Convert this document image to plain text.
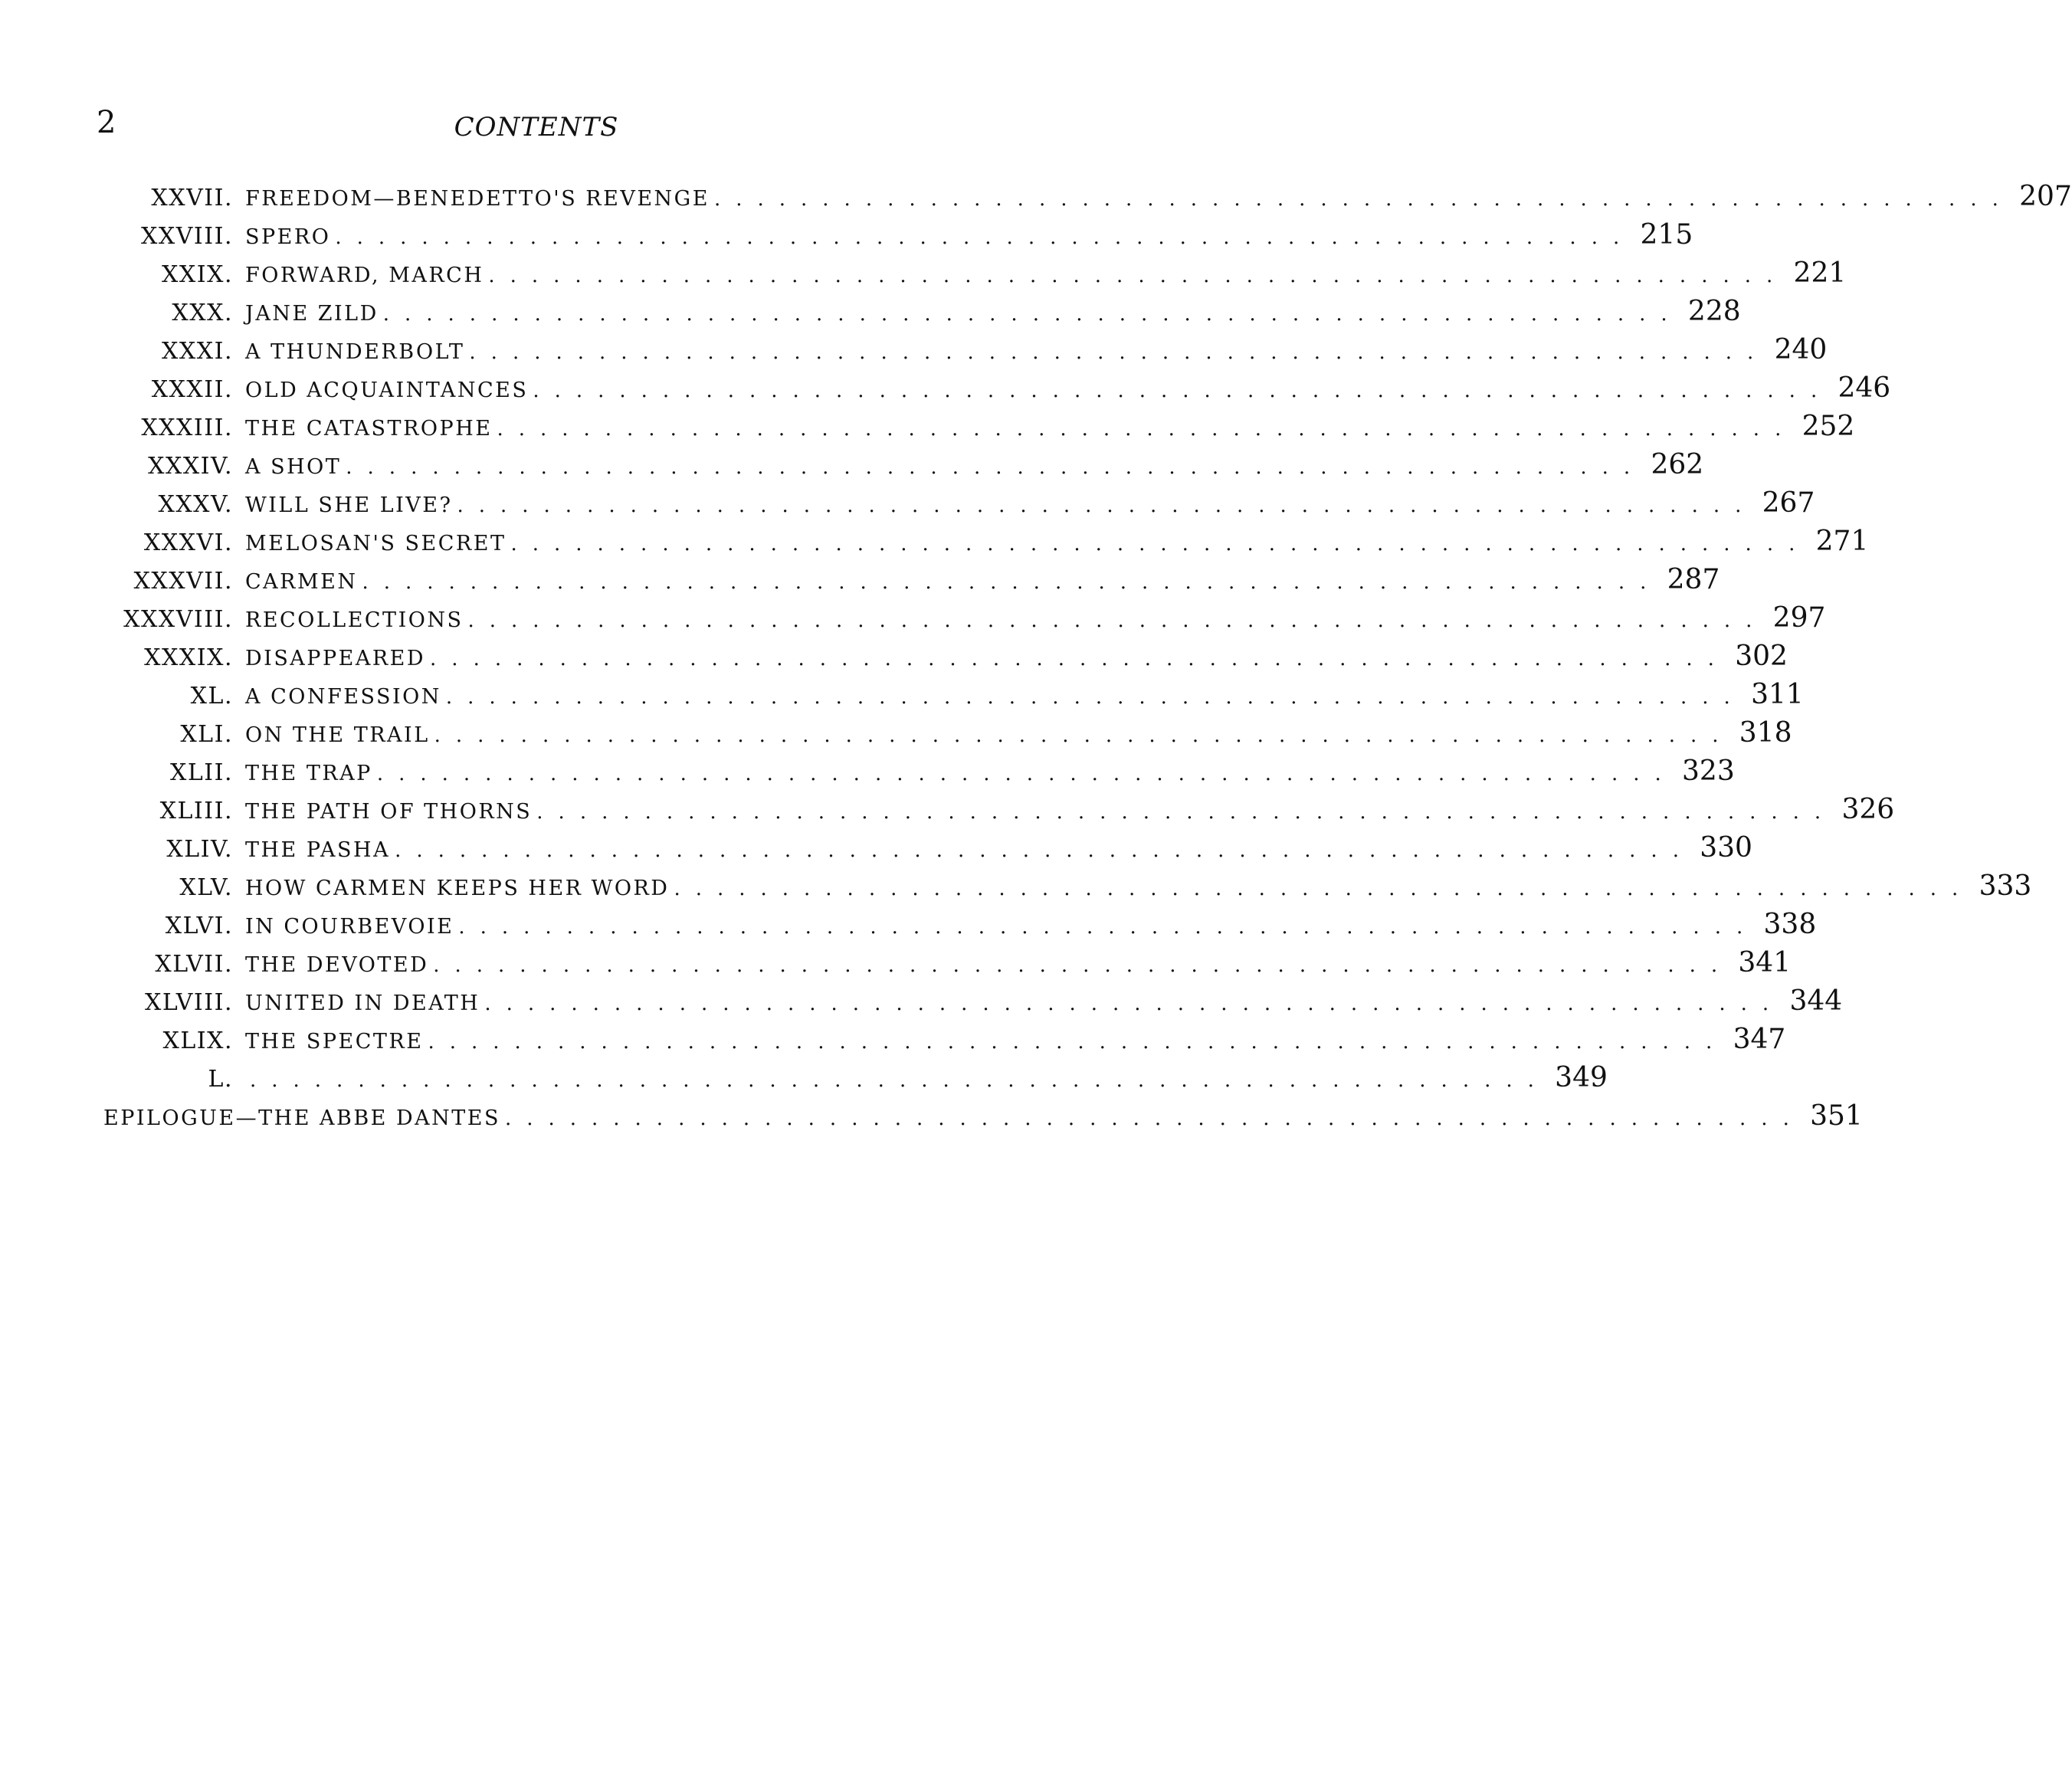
2	CONTENTS
XXVII. FREEDOM—BENEDETTO'S REVENGE ............................................................ 207
XXVIII. SPERO ............................................................ 215
XXIX. FORWARD, MARCH ............................................................ 221
XXX. JANE ZILD ............................................................ 228
XXXI. A THUNDERBOLT ............................................................ 240
XXXII. OLD ACQUAINTANCES ............................................................ 246
XXXIII. THE CATASTROPHE ............................................................ 252
XXXIV. A SHOT ............................................................ 262
XXXV. WILL SHE LIVE? ............................................................ 267
XXXVI. MELOSAN'S SECRET ............................................................ 271
XXXVII. CARMEN ............................................................ 287
XXXVIII. RECOLLECTIONS ............................................................ 297
XXXIX. DISAPPEARED ............................................................ 302
XL. A CONFESSION ............................................................ 311
XLI. ON THE TRAIL ............................................................ 318
XLII. THE TRAP ............................................................ 323
XLIII. THE PATH OF THORNS ............................................................ 326
XLIV. THE PASHA ............................................................ 330
XLV. HOW CARMEN KEEPS HER WORD ............................................................ 333
XLVI. IN COURBEVOIE ............................................................ 338
XLVII. THE DEVOTED ............................................................ 341
XLVIII. UNITED IN DEATH ............................................................ 344
XLIX. THE SPECTRE ............................................................ 347
L. ............................................................ 349
EPILOGUE—THE ABBE DANTES ............................................................ 351
